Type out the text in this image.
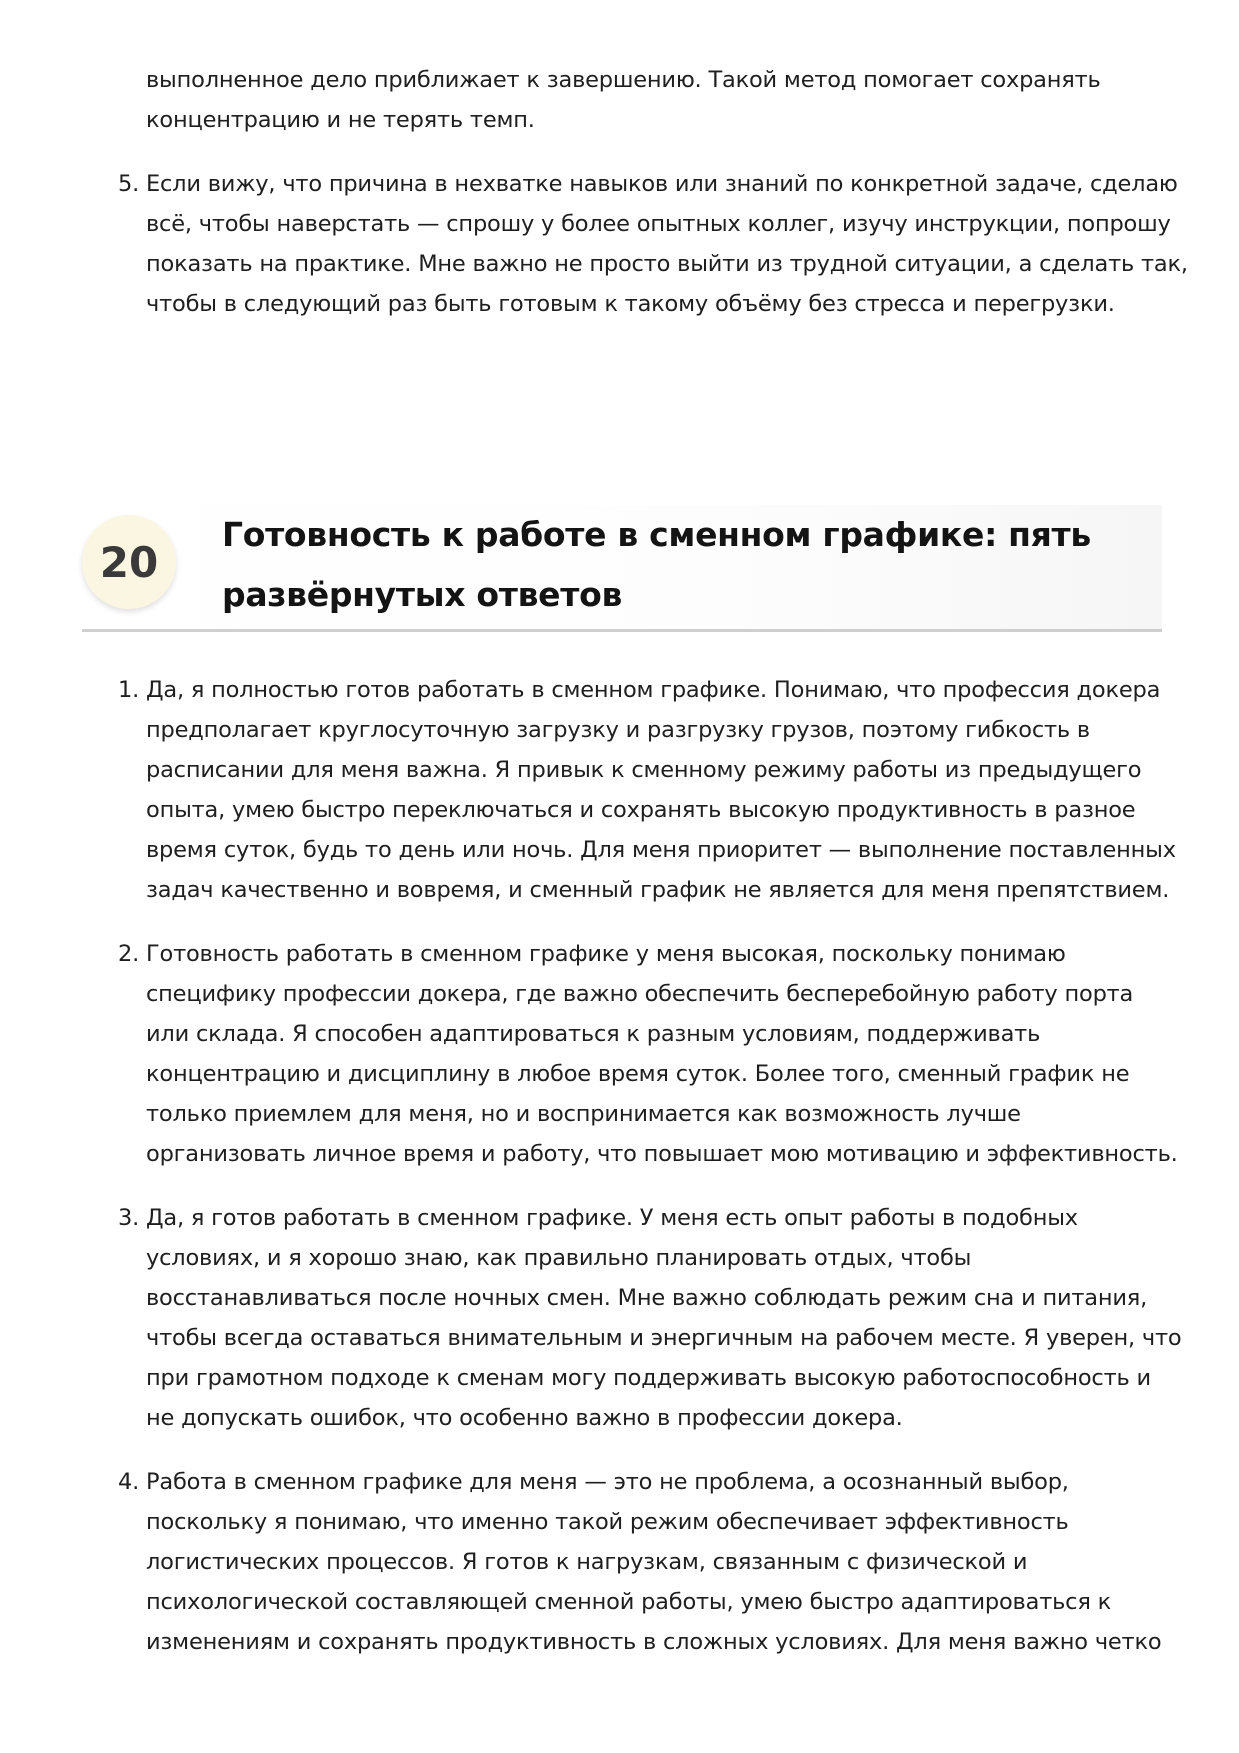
выполненное дело приближает к завершению. Такой метод помогает сохранять
концентрацию и не терять темп.
5. Если вижу, что причина в нехватке навыков или знаний по конкретной задаче, сделаю
всё, чтобы наверстать — спрошу у более опытных коллег, изучу инструкции, попрошу
показать на практике. Мне важно не просто выйти из трудной ситуации, а сделать так,
чтобы в следующий раз быть готовым к такому объёму без стресса и перегрузки.
20
Готовность к работе в сменном графике: пять
развёрнутых ответов
1. Да, я полностью готов работать в сменном графике. Понимаю, что профессия докера
предполагает круглосуточную загрузку и разгрузку грузов, поэтому гибкость в
расписании для меня важна. Я привык к сменному режиму работы из предыдущего
опыта, умею быстро переключаться и сохранять высокую продуктивность в разное
время суток, будь то день или ночь. Для меня приоритет — выполнение поставленных
задач качественно и вовремя, и сменный график не является для меня препятствием.
2. Готовность работать в сменном графике у меня высокая, поскольку понимаю
специфику профессии докера, где важно обеспечить бесперебойную работу порта
или склада. Я способен адаптироваться к разным условиям, поддерживать
концентрацию и дисциплину в любое время суток. Более того, сменный график не
только приемлем для меня, но и воспринимается как возможность лучше
организовать личное время и работу, что повышает мою мотивацию и эффективность.
3. Да, я готов работать в сменном графике. У меня есть опыт работы в подобных
условиях, и я хорошо знаю, как правильно планировать отдых, чтобы
восстанавливаться после ночных смен. Мне важно соблюдать режим сна и питания,
чтобы всегда оставаться внимательным и энергичным на рабочем месте. Я уверен, что
при грамотном подходе к сменам могу поддерживать высокую работоспособность и
не допускать ошибок, что особенно важно в профессии докера.
4. Работа в сменном графике для меня — это не проблема, а осознанный выбор,
поскольку я понимаю, что именно такой режим обеспечивает эффективность
логистических процессов. Я готов к нагрузкам, связанным с физической и
психологической составляющей сменной работы, умею быстро адаптироваться к
изменениям и сохранять продуктивность в сложных условиях. Для меня важно четко
